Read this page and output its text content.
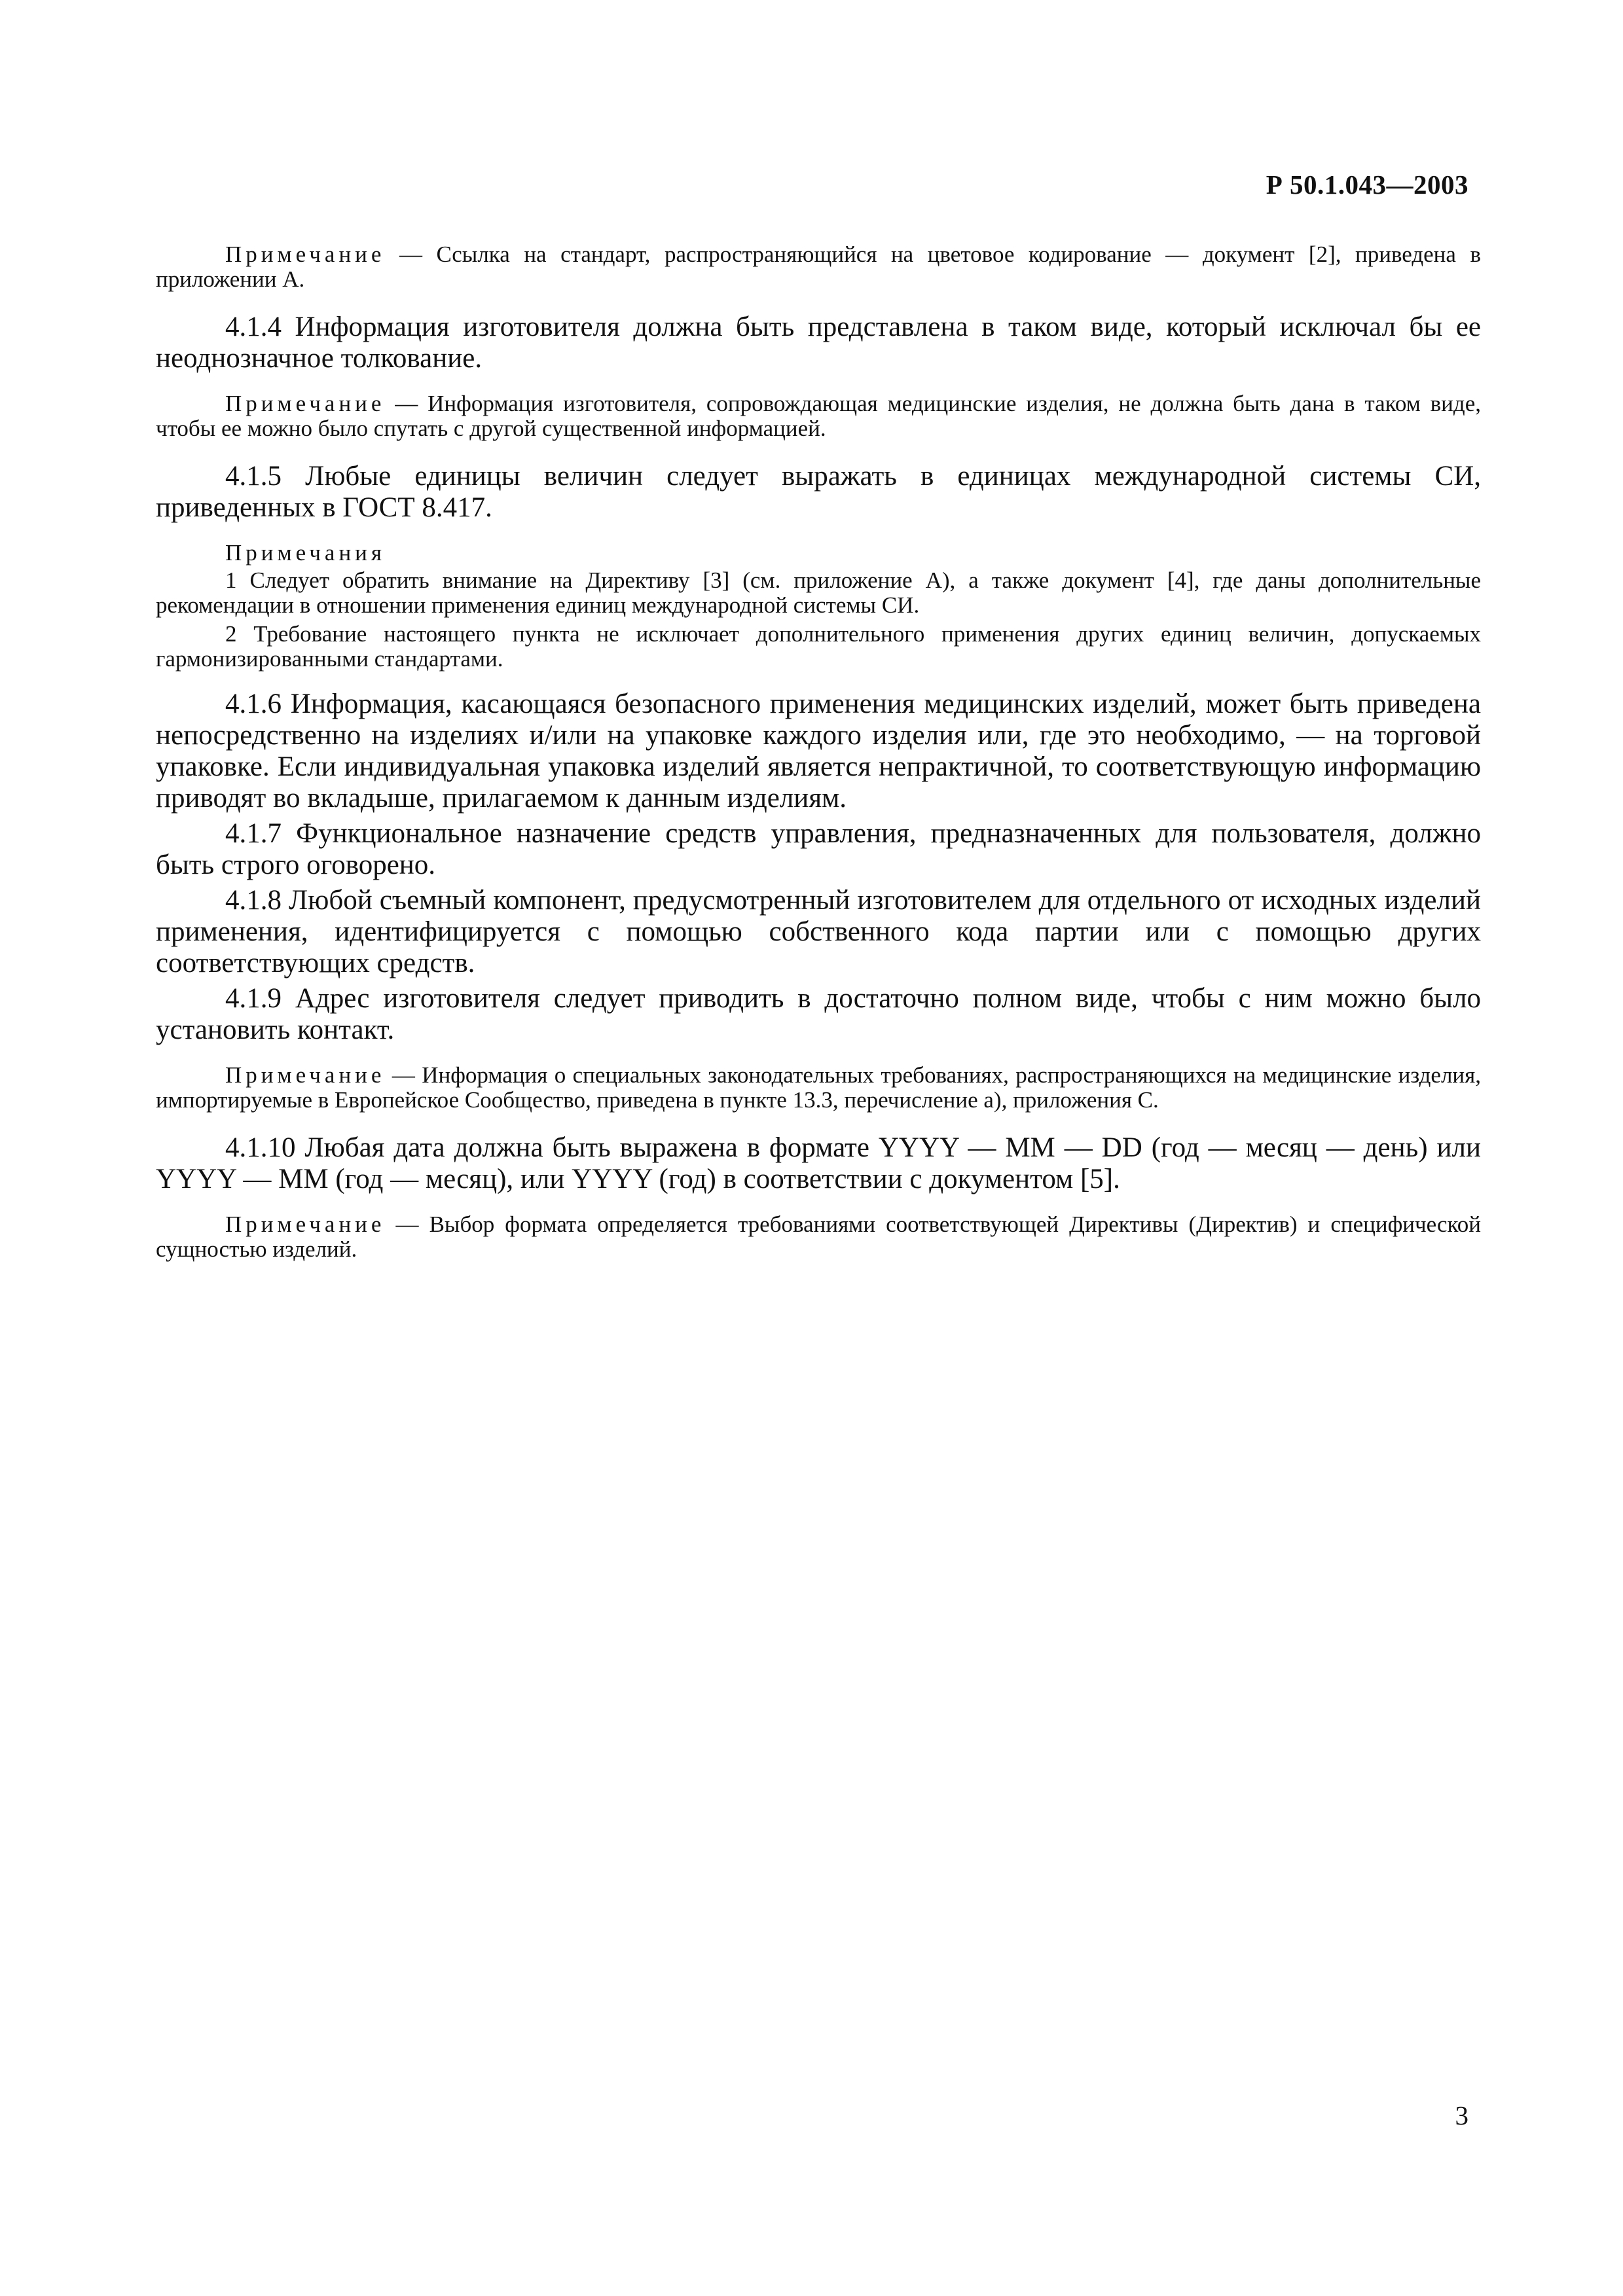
Р 50.1.043—2003

Примечание — Ссылка на стандарт, распространяющийся на цветовое кодирование — документ [2], приведена в приложении А.

4.1.4 Информация изготовителя должна быть представлена в таком виде, который исключал бы ее неоднозначное толкование.

Примечание — Информация изготовителя, сопровождающая медицинские изделия, не должна быть дана в таком виде, чтобы ее можно было спутать с другой существенной информацией.

4.1.5 Любые единицы величин следует выражать в единицах международной системы СИ, приведенных в ГОСТ 8.417.

Примечания

1 Следует обратить внимание на Директиву [3] (см. приложение А), а также документ [4], где даны дополнительные рекомендации в отношении применения единиц международной системы СИ.

2 Требование настоящего пункта не исключает дополнительного применения других единиц величин, допускаемых гармонизированными стандартами.

4.1.6 Информация, касающаяся безопасного применения медицинских изделий, может быть приведена непосредственно на изделиях и/или на упаковке каждого изделия или, где это необходимо, — на торговой упаковке. Если индивидуальная упаковка изделий является непрактичной, то соответствующую информацию приводят во вкладыше, прилагаемом к данным изделиям.

4.1.7 Функциональное назначение средств управления, предназначенных для пользователя, должно быть строго оговорено.

4.1.8 Любой съемный компонент, предусмотренный изготовителем для отдельного от исходных изделий применения, идентифицируется с помощью собственного кода партии или с помощью других соответствующих средств.

4.1.9 Адрес изготовителя следует приводить в достаточно полном виде, чтобы с ним можно было установить контакт.

Примечание — Информация о специальных законодательных требованиях, распространяющихся на медицинские изделия, импортируемые в Европейское Сообщество, приведена в пункте 13.3, перечисление а), приложения С.

4.1.10 Любая дата должна быть выражена в формате YYYY — MM — DD (год — месяц — день) или YYYY — MM (год — месяц), или YYYY (год) в соответствии с документом [5].

Примечание — Выбор формата определяется требованиями соответствующей Директивы (Директив) и специфической сущностью изделий.

3
